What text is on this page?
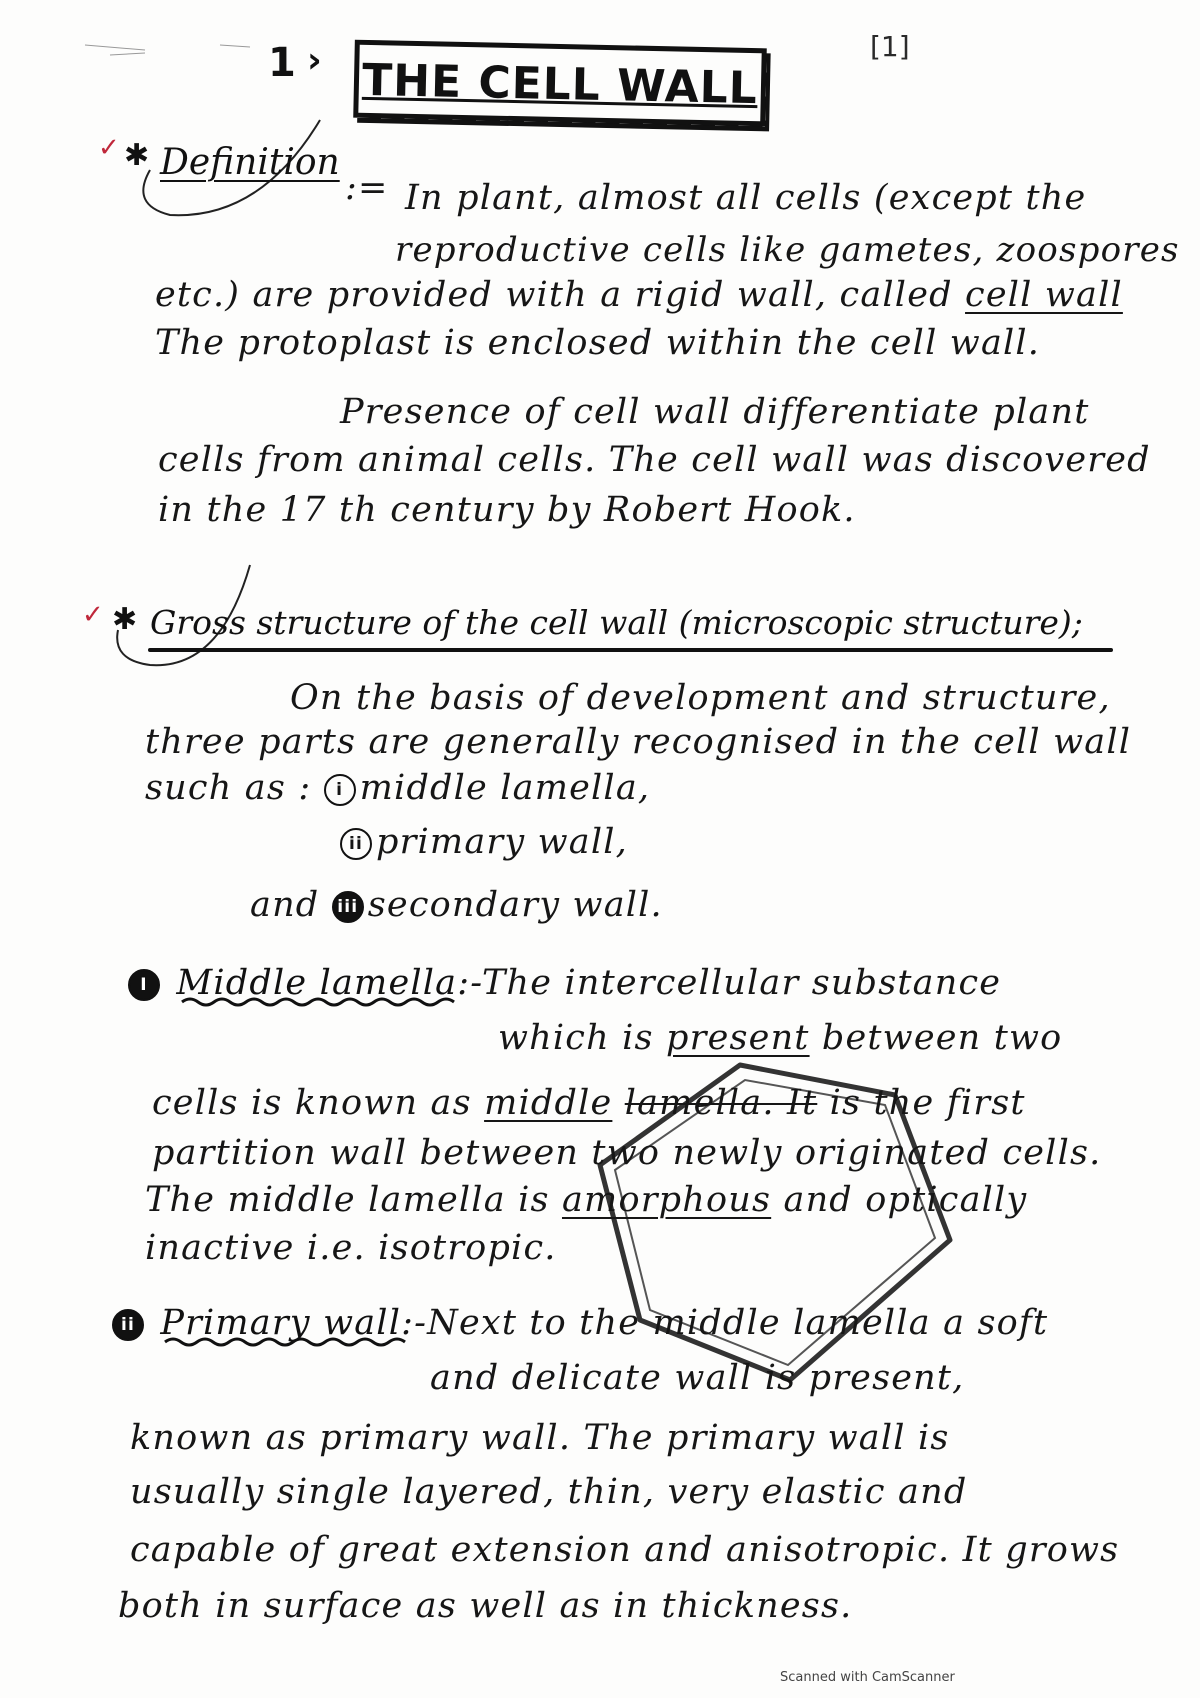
1 › THE CELL WALL
[1]
✓ ✱ Definition
:= In plant, almost all cells (except the
reproductive cells like gametes, zoospores
etc.) are provided with a rigid wall, called cell wall
The protoplast is enclosed within the cell wall.
Presence of cell wall differentiate plant
cells from animal cells. The cell wall was discovered
in the 17 th century by Robert Hook.
✓ ✱ Gross structure of the cell wall (microscopic structure);
On the basis of development and structure,
three parts are generally recognised in the cell wall
such as : i middle lamella,
ii primary wall,
and iii secondary wall.
I Middle lamella:-The intercellular substance
which is present between two
cells is known as middle lamella. It is the first
partition wall between two newly originated cells.
The middle lamella is amorphous and optically
inactive i.e. isotropic.
ii Primary wall:-Next to the middle lamella a soft
and delicate wall is present,
known as primary wall. The primary wall is
usually single layered, thin, very elastic and
capable of great extension and anisotropic. It grows
both in surface as well as in thickness.
Scanned with CamScanner
